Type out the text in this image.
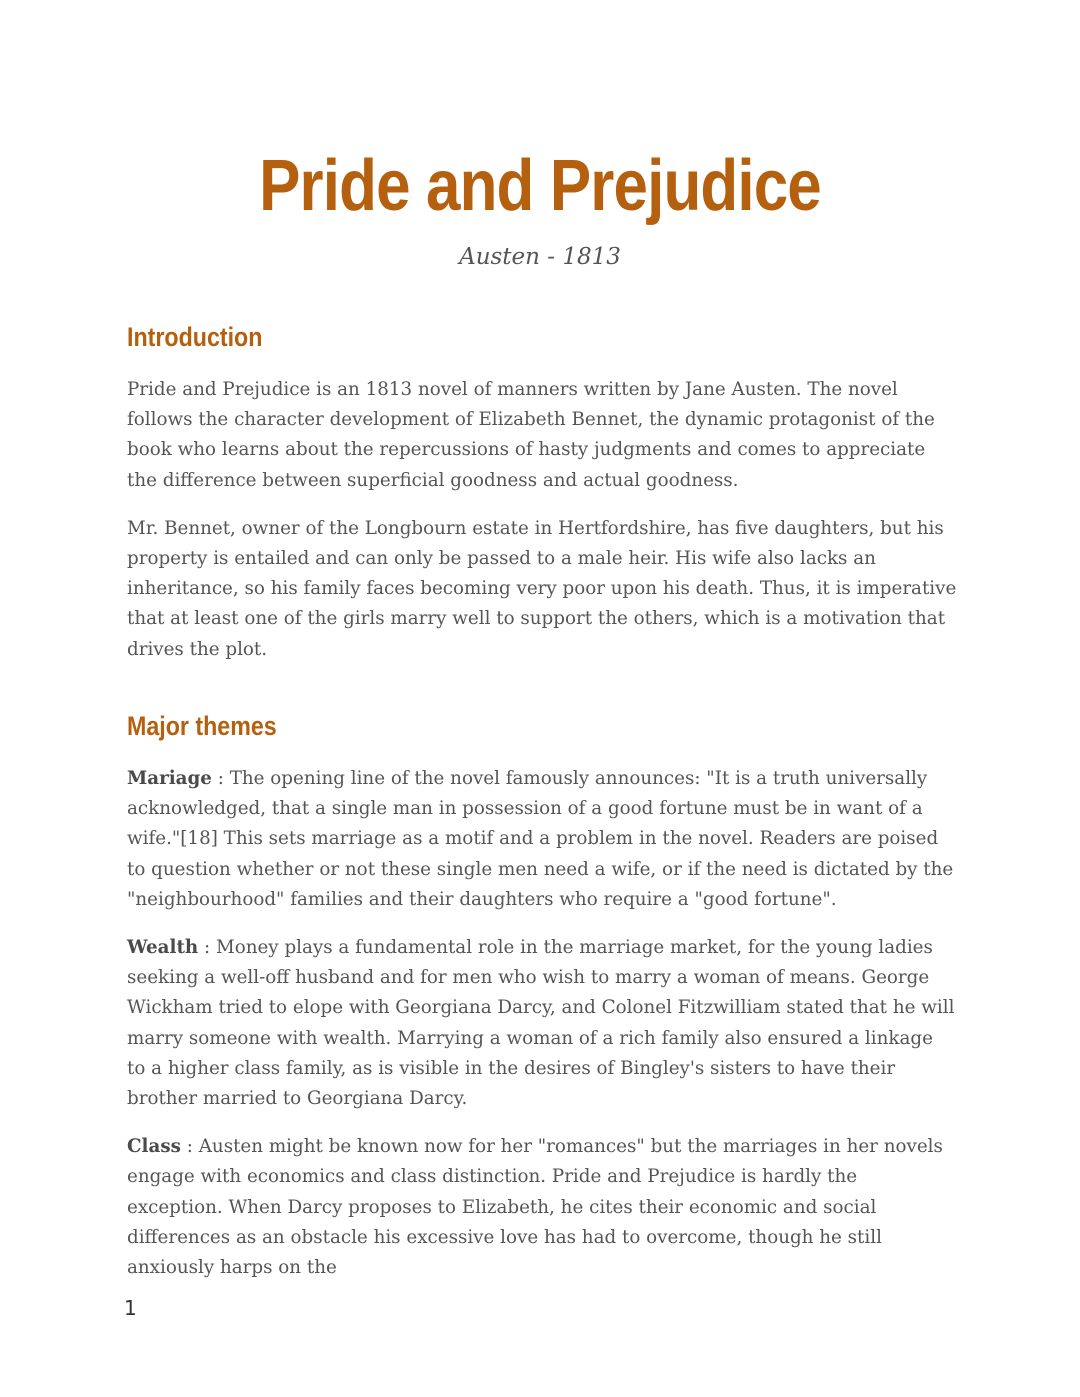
Pride and Prejudice
Austen - 1813
Introduction

Pride and Prejudice is an 1813 novel of manners written by Jane Austen. The novel follows the character development of Elizabeth Bennet, the dynamic protagonist of the book who learns about the repercussions of hasty judgments and comes to appreciate the difference between superficial goodness and actual goodness.

Mr. Bennet, owner of the Longbourn estate in Hertfordshire, has five daughters, but his property is entailed and can only be passed to a male heir. His wife also lacks an inheritance, so his family faces becoming very poor upon his death. Thus, it is imperative that at least one of the girls marry well to support the others, which is a motivation that drives the plot.

Major themes

Mariage : The opening line of the novel famously announces: "It is a truth universally acknowledged, that a single man in possession of a good fortune must be in want of a wife."[18] This sets marriage as a motif and a problem in the novel. Readers are poised to question whether or not these single men need a wife, or if the need is dictated by the "neighbourhood" families and their daughters who require a "good fortune".

Wealth : Money plays a fundamental role in the marriage market, for the young ladies seeking a well-off husband and for men who wish to marry a woman of means. George Wickham tried to elope with Georgiana Darcy, and Colonel Fitzwilliam stated that he will marry someone with wealth. Marrying a woman of a rich family also ensured a linkage to a higher class family, as is visible in the desires of Bingley's sisters to have their brother married to Georgiana Darcy.

Class : Austen might be known now for her "romances" but the marriages in her novels engage with economics and class distinction. Pride and Prejudice is hardly the exception. When Darcy proposes to Elizabeth, he cites their economic and social differences as an obstacle his excessive love has had to overcome, though he still anxiously harps on the

1
